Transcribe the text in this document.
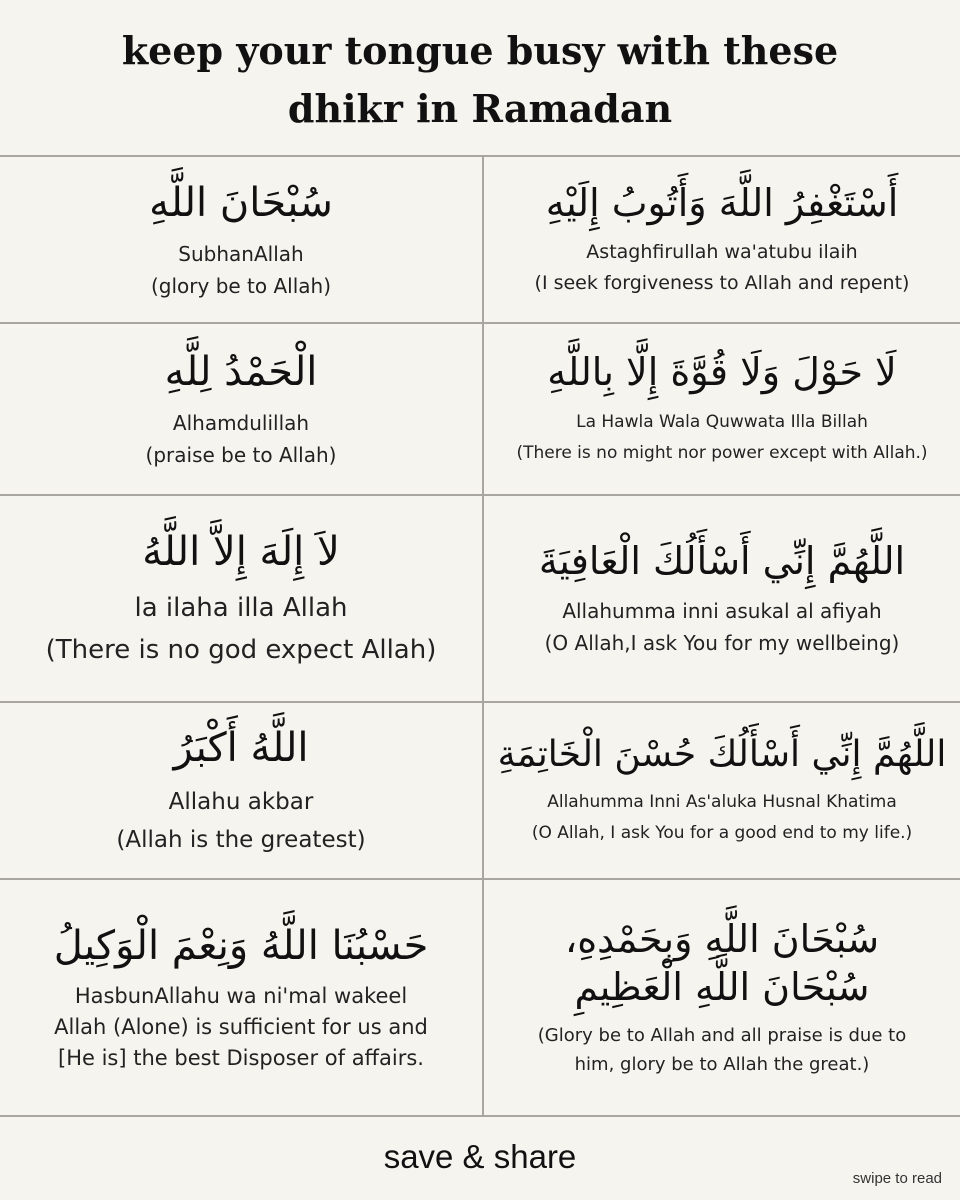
keep your tongue busy with these
dhikr in Ramadan
سُبْحَانَ اللَّهِ
SubhanAllah
(glory be to Allah)
أَسْتَغْفِرُ اللَّهَ وَأَتُوبُ إِلَيْهِ
Astaghfirullah wa'atubu ilaih
(I seek forgiveness to Allah and repent)
الْحَمْدُ لِلَّهِ
Alhamdulillah
(praise be to Allah)
لَا حَوْلَ وَلَا قُوَّةَ إِلَّا بِاللَّهِ
La Hawla Wala Quwwata Illa Billah
(There is no might nor power except with Allah.)
لاَ إِلَهَ إِلاَّ اللَّهُ
la ilaha illa Allah
(There is no god expect Allah)
اللَّهُمَّ إِنِّي أَسْأَلُكَ الْعَافِيَةَ
Allahumma inni asukal al afiyah
(O Allah,I ask You for my wellbeing)
اللَّهُ أَكْبَرُ
Allahu akbar
(Allah is the greatest)
اللَّهُمَّ إِنِّي أَسْأَلُكَ حُسْنَ الْخَاتِمَةِ
Allahumma Inni As'aluka Husnal Khatima
(O Allah, I ask You for a good end to my life.)
حَسْبُنَا اللَّهُ وَنِعْمَ الْوَكِيلُ
HasbunAllahu wa ni'mal wakeel
Allah (Alone) is sufficient for us and
[He is] the best Disposer of affairs.
سُبْحَانَ اللَّهِ وَبِحَمْدِهِ،
سُبْحَانَ اللَّهِ الْعَظِيمِ
(Glory be to Allah and all praise is due to
him, glory be to Allah the great.)
save & share
swipe to read
